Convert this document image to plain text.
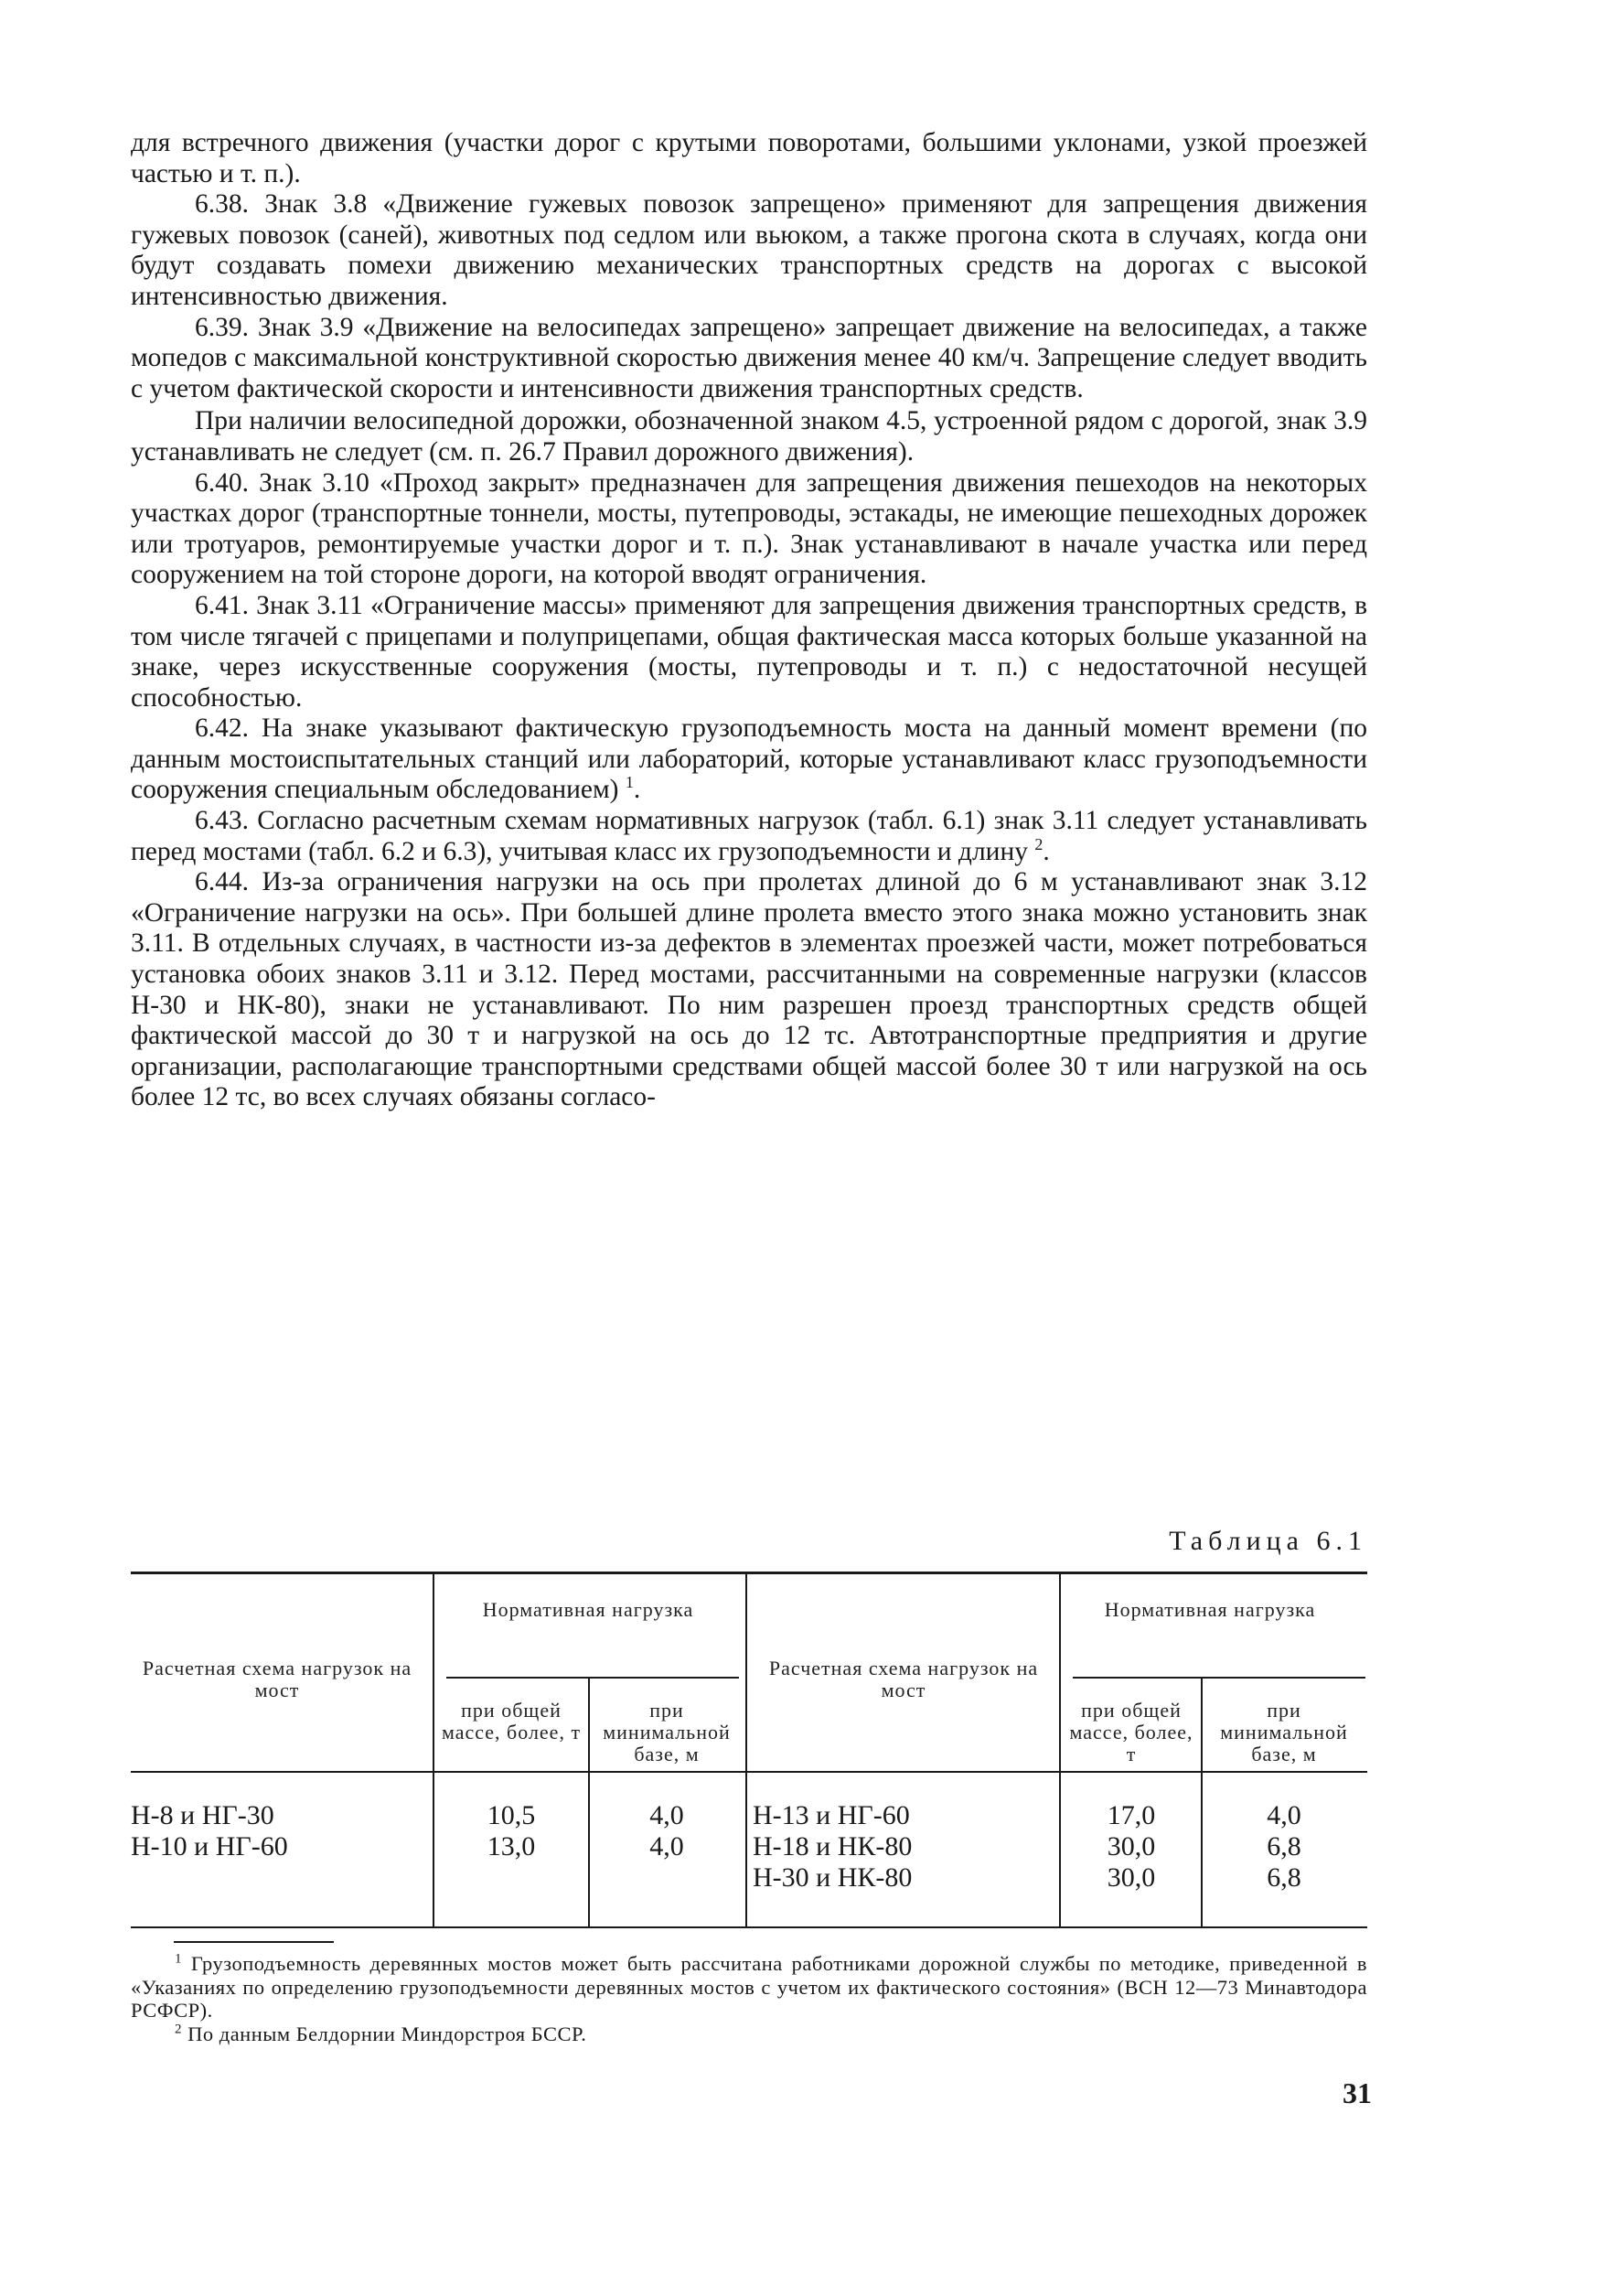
для встречного движения (участки дорог с крутыми поворотами, большими уклонами, узкой проезжей частью и т. п.).

6.38. Знак 3.8 «Движение гужевых повозок запрещено» применяют для запрещения движения гужевых повозок (саней), животных под седлом или вьюком, а также прогона скота в случаях, когда они будут создавать помехи движению механических транспортных средств на дорогах с высокой интенсивностью движения.

6.39. Знак 3.9 «Движение на велосипедах запрещено» запрещает движение на велосипедах, а также мопедов с максимальной конструктивной скоростью движения менее 40 км/ч. Запрещение следует вводить с учетом фактической скорости и интенсивности движения транспортных средств.

При наличии велосипедной дорожки, обозначенной знаком 4.5, устроенной рядом с дорогой, знак 3.9 устанавливать не следует (см. п. 26.7 Правил дорожного движения).

6.40. Знак 3.10 «Проход закрыт» предназначен для запрещения движения пешеходов на некоторых участках дорог (транспортные тоннели, мосты, путепроводы, эстакады, не имеющие пешеходных дорожек или тротуаров, ремонтируемые участки дорог и т. п.). Знак устанавливают в начале участка или перед сооружением на той стороне дороги, на которой вводят ограничения.

6.41. Знак 3.11 «Ограничение массы» применяют для запрещения движения транспортных средств, в том числе тягачей с прицепами и полуприцепами, общая фактическая масса которых больше указанной на знаке, через искусственные сооружения (мосты, путепроводы и т. п.) с недостаточной несущей способностью.

6.42. На знаке указывают фактическую грузоподъемность моста на данный момент времени (по данным мостоиспытательных станций или лабораторий, которые устанавливают класс грузоподъемности сооружения специальным обследованием) $^1$.

6.43. Согласно расчетным схемам нормативных нагрузок (табл. 6.1) знак 3.11 следует устанавливать перед мостами (табл. 6.2 и 6.3), учитывая класс их грузоподъемности и длину $^2$.

6.44. Из-за ограничения нагрузки на ось при пролетах длиной до 6 м устанавливают знак 3.12 «Ограничение нагрузки на ось». При большей длине пролета вместо этого знака можно установить знак 3.11. В отдельных случаях, в частности из-за дефектов в элементах проезжей части, может потребоваться установка обоих знаков 3.11 и 3.12. Перед мостами, рассчитанными на современные нагрузки (классов Н-30 и НК-80), знаки не устанавливают. По ним разрешен проезд транспортных средств общей фактической массой до 30 т и нагрузкой на ось до 12 тс. Автотранспортные предприятия и другие организации, располагающие транспортными средствами общей массой более 30 т или нагрузкой на ось более 12 тс, во всех случаях обязаны согласо-

Таблица 6.1
Расчетная схема нагрузок на мост
Нормативная нагрузка
при общей массе, более, т
при минимальной базе, м
Расчетная схема нагрузок на мост
Нормативная нагрузка
при общей массе, более, т
при минимальной базе, м
Н-8 и НГ-30
Н-10 и НГ-60
10,5
13,0
4,0
4,0
Н-13 и НГ-60
Н-18 и НК-80
Н-30 и НК-80
17,0
30,0
30,0
4,0
6,8
6,8

$^1$ Грузоподъемность деревянных мостов может быть рассчитана работниками дорожной службы по методике, приведенной в «Указаниях по определению грузоподъемности деревянных мостов с учетом их фактического состояния» (ВСН 12—73 Минавтодора РСФСР).

$^2$ По данным Белдорнии Миндорстроя БССР.

31
